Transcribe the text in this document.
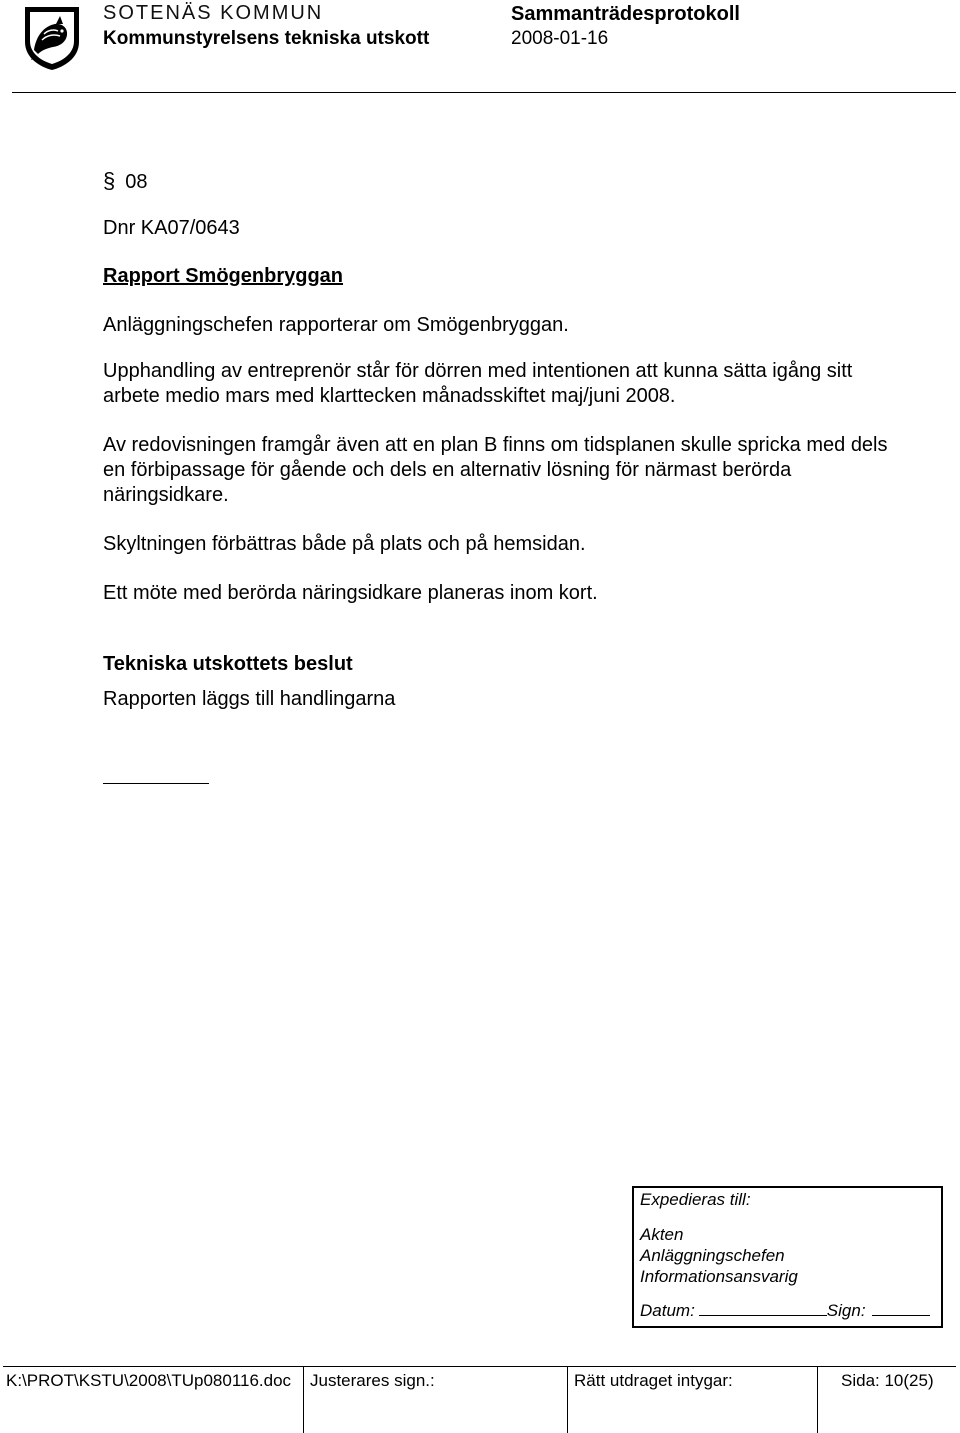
SOTENÄS KOMMUN
Kommunstyrelsens tekniska utskott
Sammanträdesprotokoll
2008-01-16
§ 08
Dnr KA07/0643
Rapport Smögenbryggan
Anläggningschefen rapporterar om Smögenbryggan.
Upphandling av entreprenör står för dörren med intentionen att kunna sätta igång sitt arbete medio mars med klarttecken månadsskiftet maj/juni 2008.
Av redovisningen framgår även att en plan B finns om tidsplanen skulle spricka med dels en förbipassage för gående och dels en alternativ lösning för närmast berörda näringsidkare.
Skyltningen förbättras både på plats och på hemsidan.
Ett möte med berörda näringsidkare planeras inom kort.
Tekniska utskottets beslut
Rapporten läggs till handlingarna
Expedieras till:
Akten
Anläggningschefen
Informationsansvarig
Datum:	Sign:
K:\PROT\KSTU\2008\TUp080116.doc Justerares sign.:	Rätt utdraget intygar:	Sida: 10(25)
